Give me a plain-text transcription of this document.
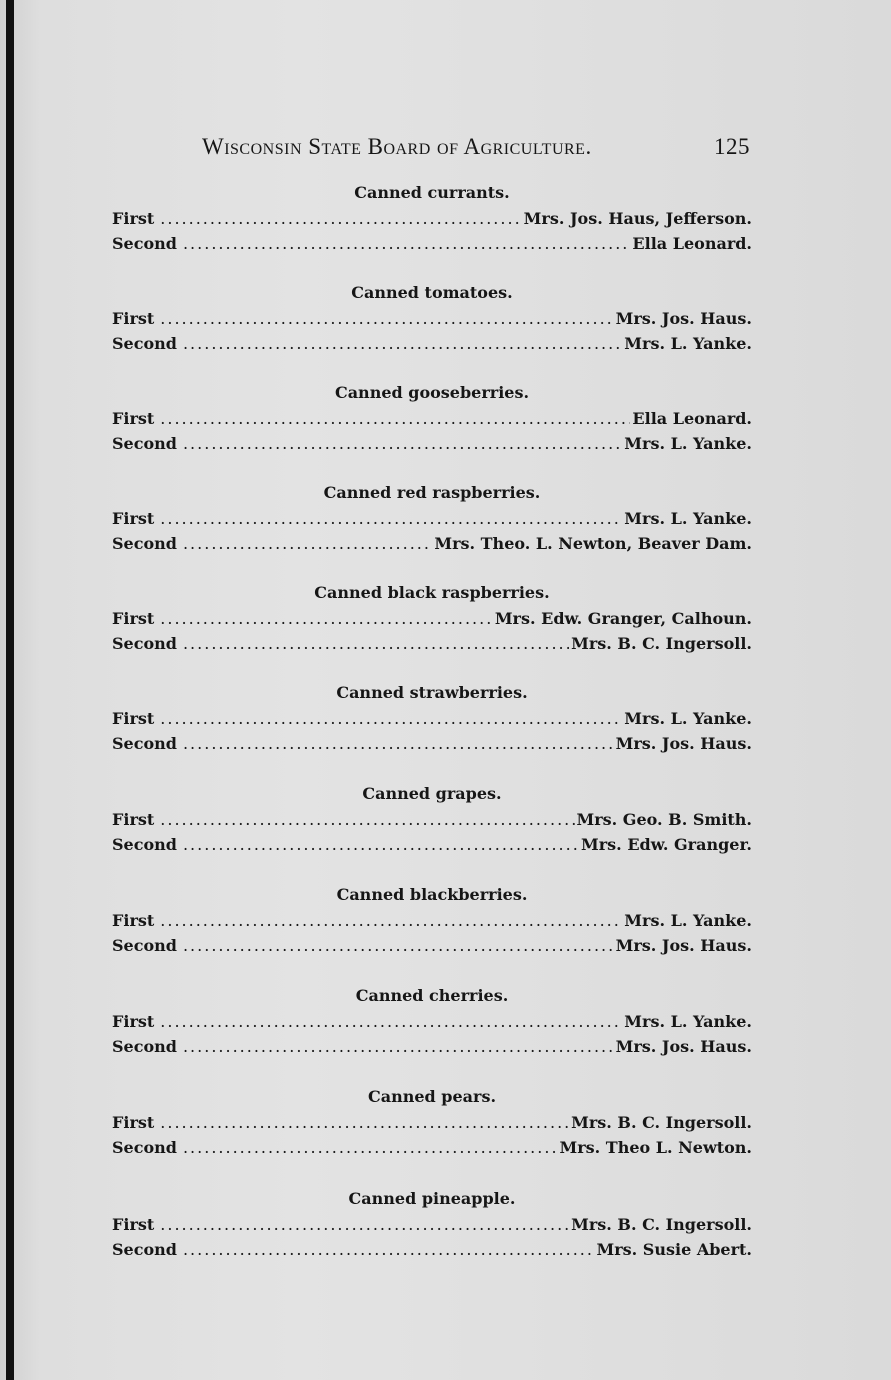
Wisconsin State Board of Agriculture.	125
Canned currants.
First .....	Mrs. Jos. Haus, Jefferson.
Second .....	Ella Leonard.
Canned tomatoes.
First .....	Mrs. Jos. Haus.
Second .....	Mrs. L. Yanke.
Canned gooseberries.
First .....	Ella Leonard.
Second .....	Mrs. L. Yanke.
Canned red raspberries.
First .....	Mrs. L. Yanke.
Second .....	Mrs. Theo. L. Newton, Beaver Dam.
Canned black raspberries.
First .....	Mrs. Edw. Granger, Calhoun.
Second .....	Mrs. B. C. Ingersoll.
Canned strawberries.
First .....	Mrs. L. Yanke.
Second .....	Mrs. Jos. Haus.
Canned grapes.
First .....	Mrs. Geo. B. Smith.
Second .....	Mrs. Edw. Granger.
Canned blackberries.
First .....	Mrs. L. Yanke.
Second .....	Mrs. Jos. Haus.
Canned cherries.
First .....	Mrs. L. Yanke.
Second .....	Mrs. Jos. Haus.
Canned pears.
First .....	Mrs. B. C. Ingersoll.
Second .....	Mrs. Theo L. Newton.
Canned pineapple.
First .....	Mrs. B. C. Ingersoll.
Second .....	Mrs. Susie Abert.
